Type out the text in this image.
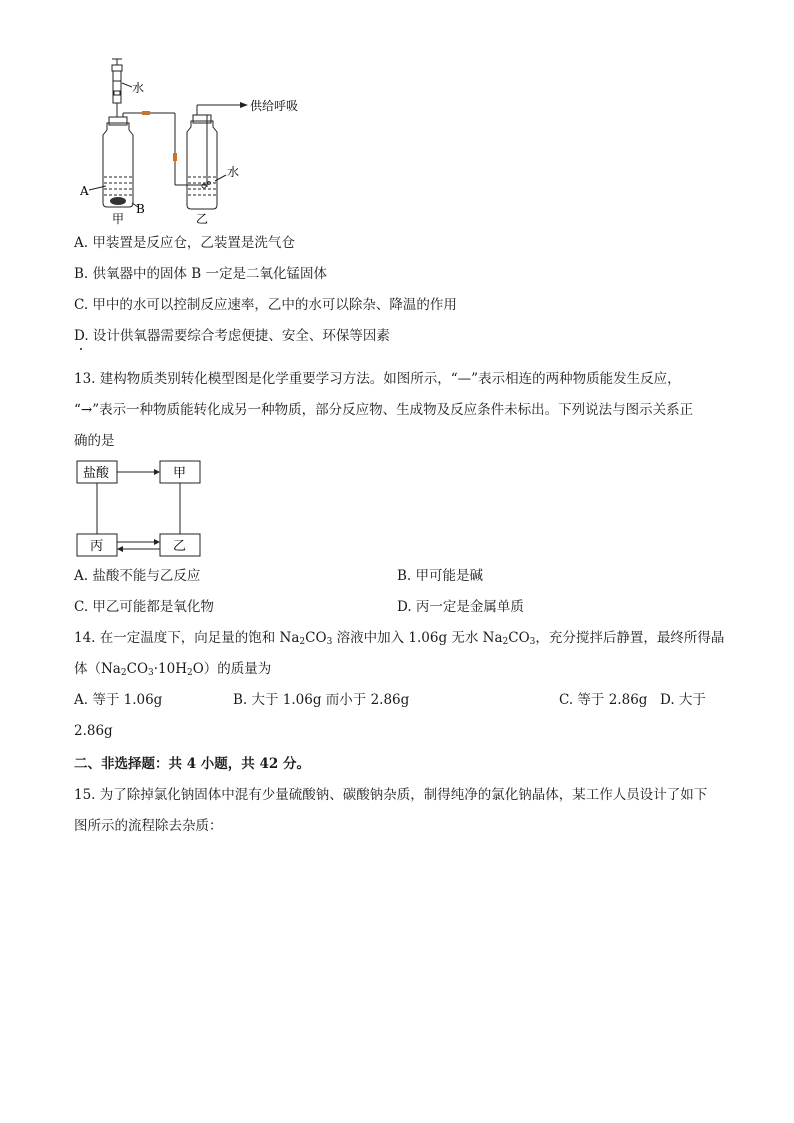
水
供给呼吸
水
A
B
甲	乙
A. 甲装置是反应仓，乙装置是洗气仓
B. 供氧器中的固体 B 一定是二氧化锰固体
C. 甲中的水可以控制反应速率，乙中的水可以除杂、降温的作用
D. 设计供氧器需要综合考虑便捷、安全、环保等因素
13. 建构物质类别转化模型图是化学重要学习方法。如图所示，“—”表示相连的两种物质能发生反应，
“→”表示一种物质能转化成另一种物质，部分反应物、生成物及反应条件未标出。下列说法与图示关系正
确的是
盐酸	甲
丙	乙
A. 盐酸不能与乙反应	B. 甲可能是碱
C. 甲乙可能都是氧化物	D. 丙一定是金属单质
14. 在一定温度下，向足量的饱和 $Na_2CO_3$ 溶液中加入 1.06g 无水 $Na_2CO_3$，充分搅拌后静置，最终所得晶
体$(Na_2CO_3\cdot 10H_2O)$的质量为
A. 等于 1.06g	B. 大于 1.06g 而小于 2.86g	C. 等于 2.86g D. 大于
2.86g
二、非选择题：共 4 小题，共 42 分。
15. 为了除掉氯化钠固体中混有少量硫酸钠、碳酸钠杂质，制得纯净的氯化钠晶体，某工作人员设计了如下
图所示的流程除去杂质：
